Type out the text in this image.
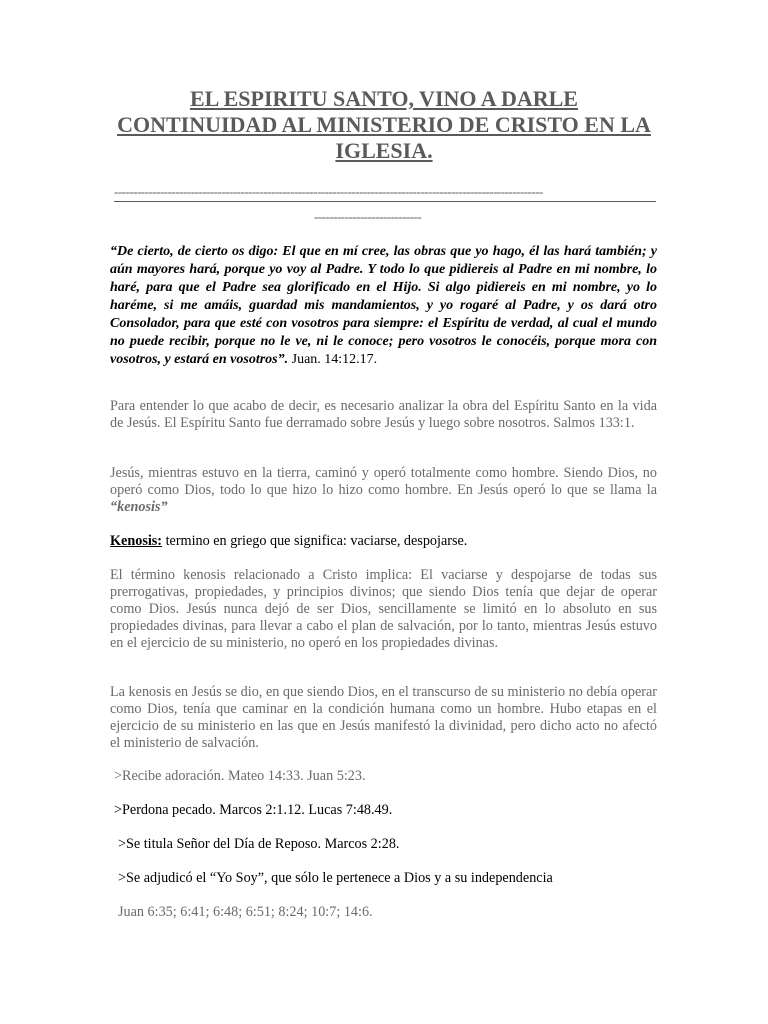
EL ESPIRITU SANTO, VINO A DARLE CONTINUIDAD AL MINISTERIO DE CRISTO EN LA IGLESIA.
----------------------------------------------------------------------------------------------------------------
----------------------------

“De cierto, de cierto os digo: El que en mí cree, las obras que yo hago, él las hará también; y aún mayores hará, porque yo voy al Padre. Y todo lo que pidiereis al Padre en mi nombre, lo haré, para que el Padre sea glorificado en el Hijo. Si algo pidiereis en mi nombre, yo lo haréme, si me amáis, guardad mis mandamientos, y yo rogaré al Padre, y os dará otro Consolador, para que esté con vosotros para siempre: el Espíritu de verdad, al cual el mundo no puede recibir, porque no le ve, ni le conoce; pero vosotros le conocéis, porque mora con vosotros, y estará en vosotros”. Juan. 14:12.17.

Para entender lo que acabo de decir, es necesario analizar la obra del Espíritu Santo en la vida de Jesús. El Espíritu Santo fue derramado sobre Jesús y luego sobre nosotros. Salmos 133:1.

Jesús, mientras estuvo en la tierra, caminó y operó totalmente como hombre. Siendo Dios, no operó como Dios, todo lo que hizo lo hizo como hombre. En Jesús operó lo que se llama la “kenosis”

Kenosis: termino en griego que significa: vaciarse, despojarse.

El término kenosis relacionado a Cristo implica: El vaciarse y despojarse de todas sus prerrogativas, propiedades, y principios divinos; que siendo Dios tenía que dejar de operar como Dios. Jesús nunca dejó de ser Dios, sencillamente se limitó en lo absoluto en sus propiedades divinas, para llevar a cabo el plan de salvación, por lo tanto, mientras Jesús estuvo en el ejercicio de su ministerio, no operó en los propiedades divinas.

La kenosis en Jesús se dio, en que siendo Dios, en el transcurso de su ministerio no debía operar como Dios, tenía que caminar en la condición humana como un hombre. Hubo etapas en el ejercicio de su ministerio en las que en Jesús manifestó la divinidad, pero dicho acto no afectó el ministerio de salvación.

>Recibe adoración. Mateo 14:33. Juan 5:23.

>Perdona pecado. Marcos 2:1.12. Lucas 7:48.49.

>Se titula Señor del Día de Reposo. Marcos 2:28.

>Se adjudicó el “Yo Soy”, que sólo le pertenece a Dios y a su independencia

Juan 6:35; 6:41; 6:48; 6:51; 8:24; 10:7; 14:6.
